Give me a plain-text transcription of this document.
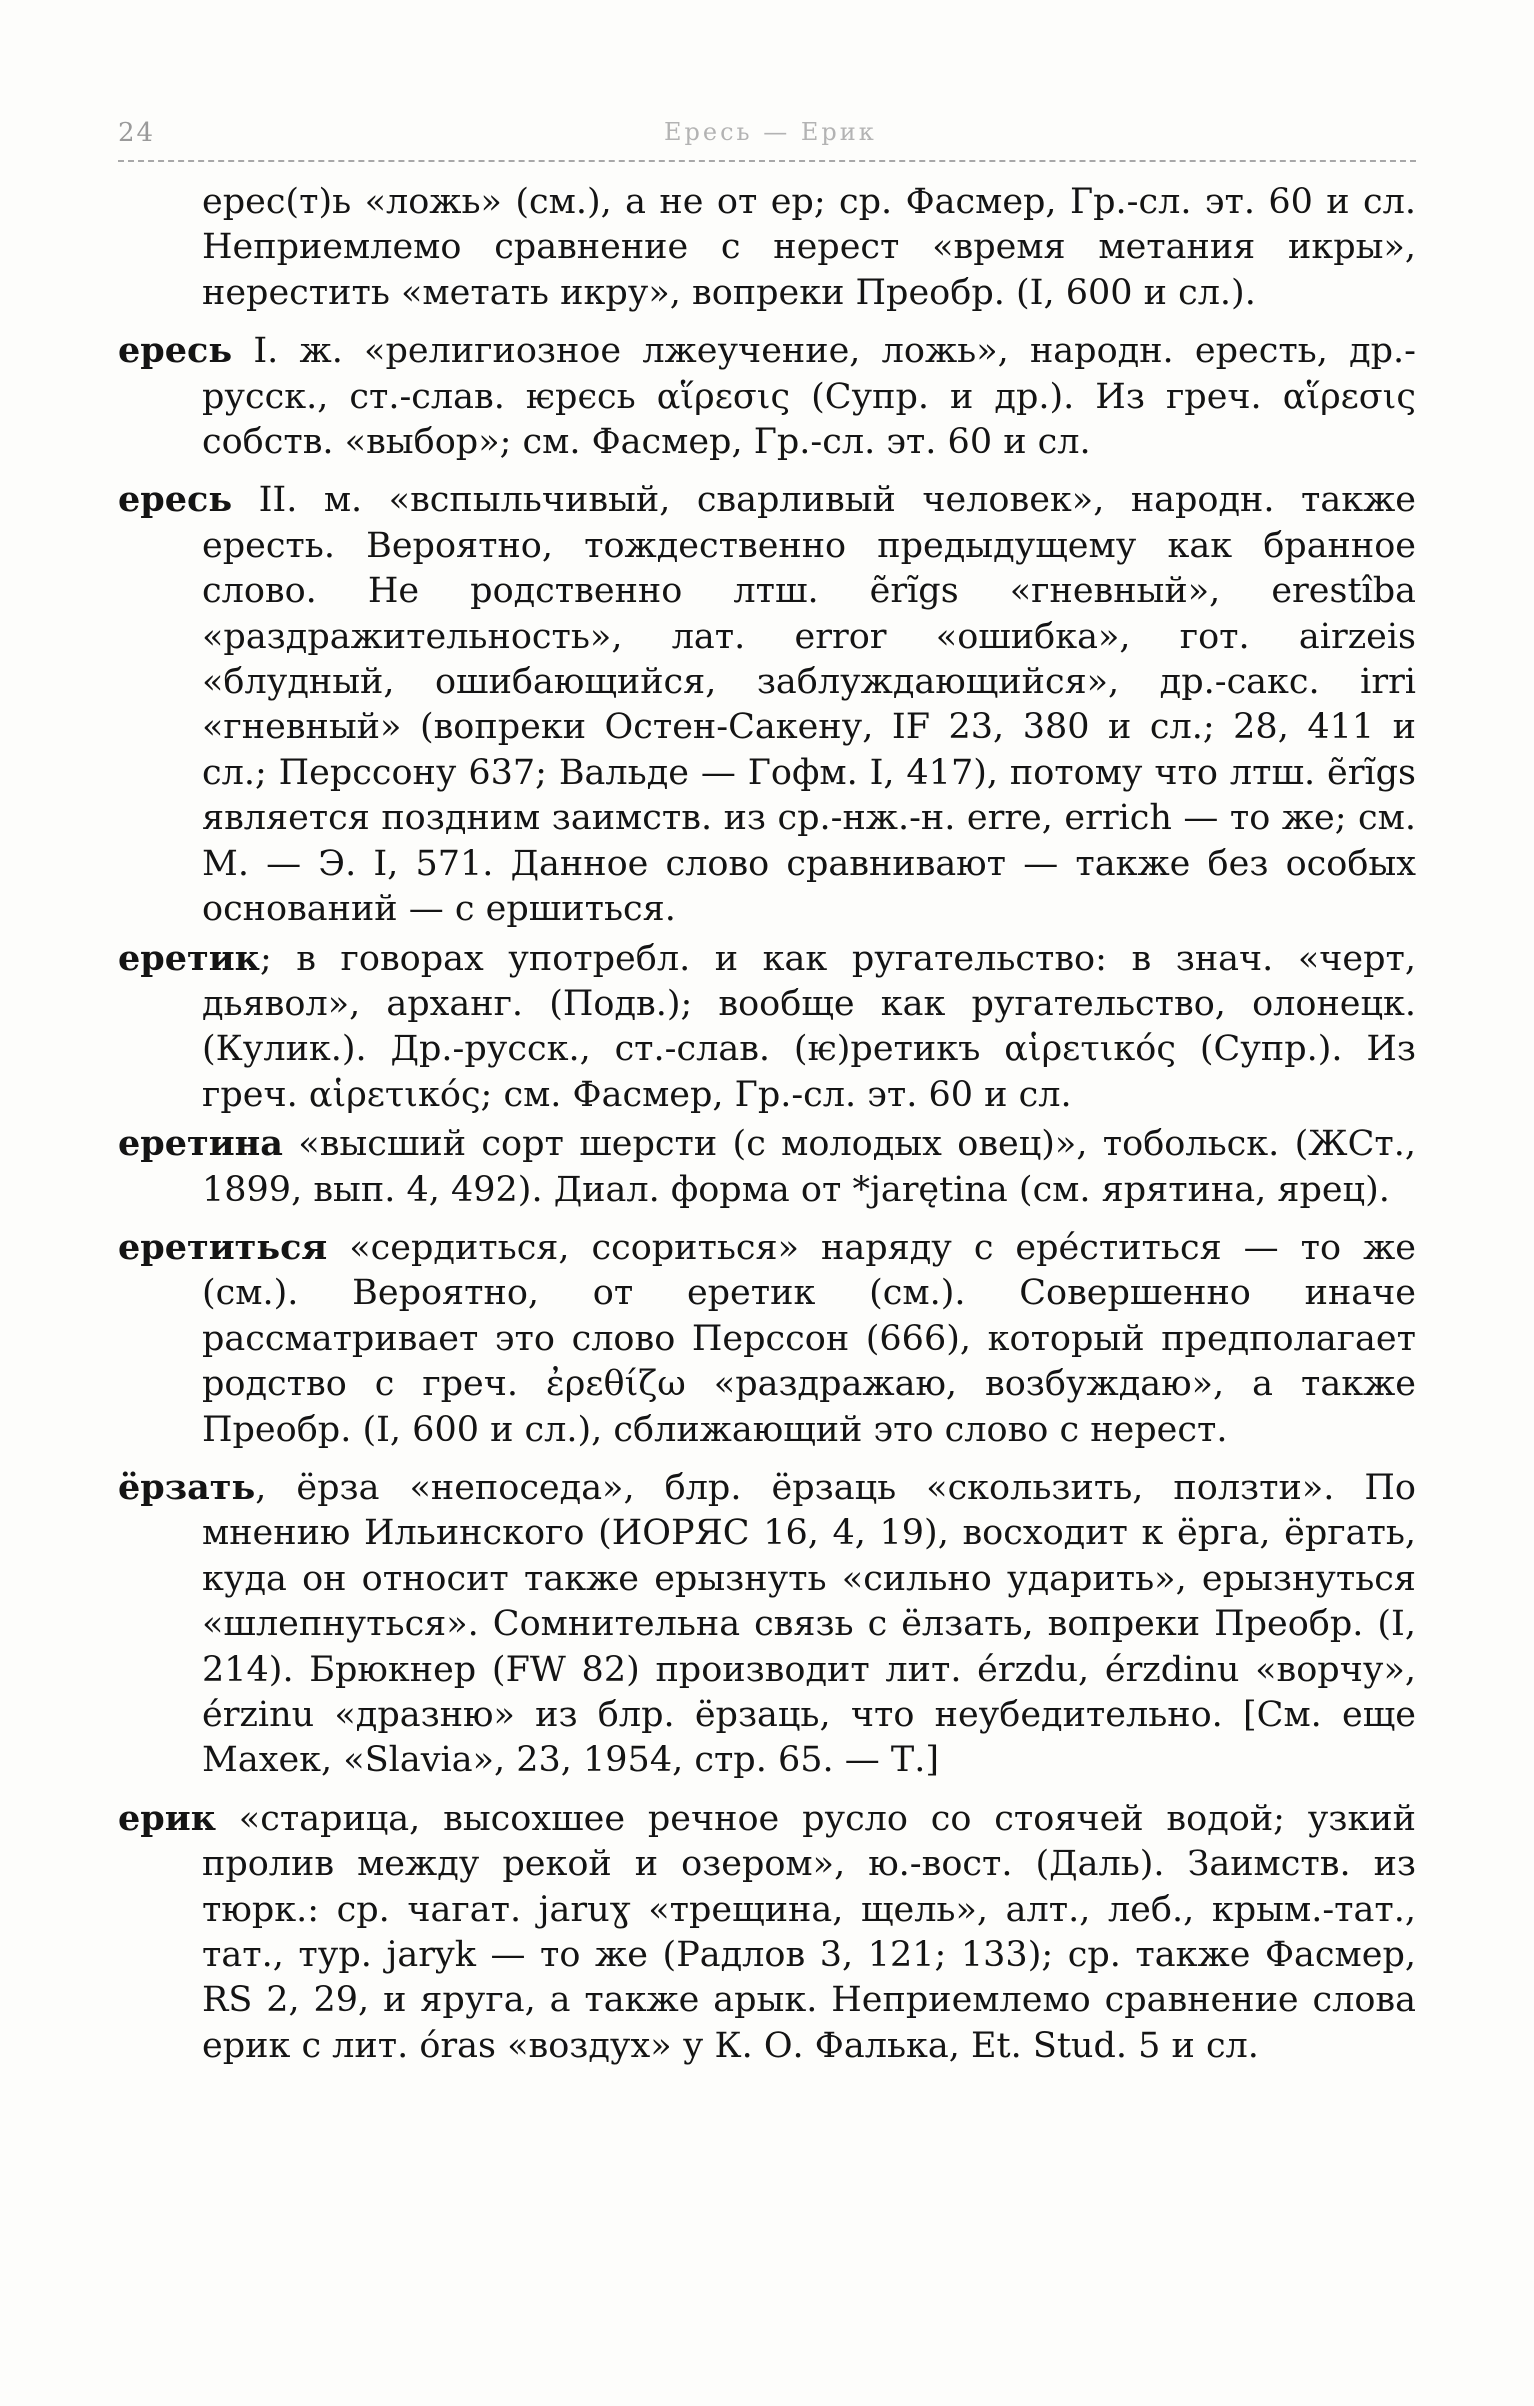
24	Ересь — Ерик

ерес(т)ь «ложь» (см.), а не от ер; ср. Фасмер, Гр.-сл. эт. 60 и сл. Неприемлемо сравнение с нерест «время метания икры», нерестить «метать икру», вопреки Преобр. (I, 600 и сл.).

ересь I. ж. «религиозное лжеучение, ложь», народн. ересть, др.-русск., ст.-слав. ѥрєсь αἵρεσις (Супр. и др.). Из греч. αἵρεσις собств. «выбор»; см. Фасмер, Гр.-сл. эт. 60 и сл.

ересь II. м. «вспыльчивый, сварливый человек», народн. также ересть. Вероятно, тождественно предыдущему как бранное слово. Не родственно лтш. ẽrĩgs «гневный», erestîba «раздражительность», лат. error «ошибка», гот. airzeis «блудный, ошибающийся, заблуждающийся», др.-сакс. irri «гневный» (вопреки Остен-Сакену, IF 23, 380 и сл.; 28, 411 и сл.; Перссону 637; Вальде — Гофм. I, 417), потому что лтш. ẽrĩgs является поздним заимств. из ср.-нж.-н. erre, errich — то же; см. М. — Э. I, 571. Данное слово сравнивают — также без особых оснований — с ершиться.

еретик; в говорах употребл. и как ругательство: в знач. «черт, дьявол», арханг. (Подв.); вообще как ругательство, олонецк. (Кулик.). Др.-русск., ст.-слав. (ѥ)ретикъ αἱρετικός (Супр.). Из греч. αἱρετικός; см. Фасмер, Гр.-сл. эт. 60 и сл.

еретина «высший сорт шерсти (с молодых овец)», тобольск. (ЖСт., 1899, вып. 4, 492). Диал. форма от *jarętina (см. ярятина, ярец).

еретиться «сердиться, ссориться» наряду с ерéститься — то же (см.). Вероятно, от еретик (см.). Совершенно иначе рассматривает это слово Перссон (666), который предполагает родство с греч. ἐρεθίζω «раздражаю, возбуждаю», а также Преобр. (I, 600 и сл.), сближающий это слово с нерест.

ёрзать, ёрза «непоседа», блр. ёрзаць «скользить, ползти». По мнению Ильинского (ИОРЯС 16, 4, 19), восходит к ёрга, ёргать, куда он относит также ерызнуть «сильно ударить», ерызнуться «шлепнуться». Сомнительна связь с ёлзать, вопреки Преобр. (I, 214). Брюкнер (FW 82) производит лит. érzdu, érzdinu «ворчу», érzinu «дразню» из блр. ёрзаць, что неубедительно. [См. еще Махек, «Slavia», 23, 1954, стр. 65. — Т.]

ерик «старица, высохшее речное русло со стоячей водой; узкий пролив между рекой и озером», ю.-вост. (Даль). Заимств. из тюрк.: ср. чагат. jaruɣ «трещина, щель», алт., леб., крым.-тат., тат., тур. jaryk — то же (Радлов 3, 121; 133); ср. также Фасмер, RS 2, 29, и яруга, а также арык. Неприемлемо сравнение слова ерик с лит. óras «воздух» у К. О. Фалька, Et. Stud. 5 и сл.
